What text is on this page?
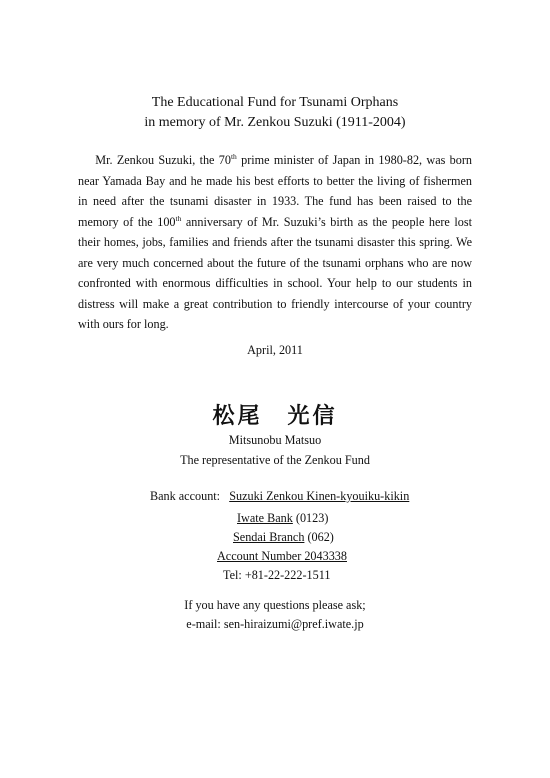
The Educational Fund for Tsunami Orphans
in memory of Mr. Zenkou Suzuki (1911-2004)
Mr. Zenkou Suzuki, the 70th prime minister of Japan in 1980-82, was born near Yamada Bay and he made his best efforts to better the living of fishermen in need after the tsunami disaster in 1933. The fund has been raised to the memory of the 100th anniversary of Mr. Suzuki’s birth as the people here lost their homes, jobs, families and friends after the tsunami disaster this spring. We are very much concerned about the future of the tsunami orphans who are now confronted with enormous difficulties in school. Your help to our students in distress will make a great contribution to friendly intercourse of your country with ours for long.
April, 2011
松尾　光信
Mitsunobu Matsuo
The representative of the Zenkou Fund
Bank account: Suzuki Zenkou Kinen-kyouiku-kikin
Iwate Bank (0123)
Sendai Branch (062)
Account Number 2043338
Tel: +81-22-222-1511
If you have any questions please ask;
e-mail: sen-hiraizumi@pref.iwate.jp
